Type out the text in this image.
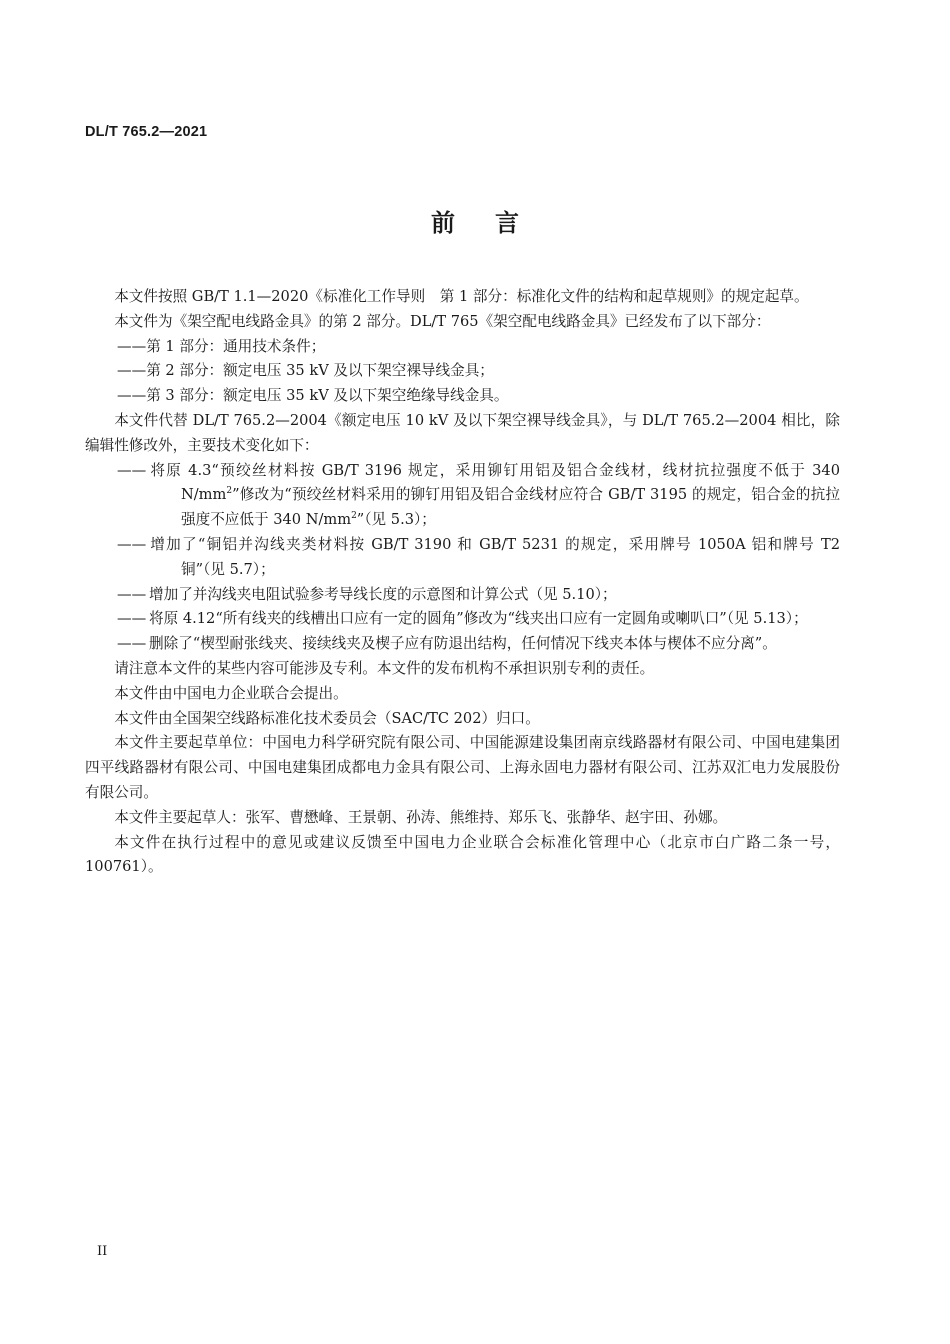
DL/T 765.2—2021
前言

本文件按照 GB/T 1.1—2020《标准化工作导则　第 1 部分：标准化文件的结构和起草规则》的规定起草。

本文件为《架空配电线路金具》的第 2 部分。DL/T 765《架空配电线路金具》已经发布了以下部分：

——第 1 部分：通用技术条件；

——第 2 部分：额定电压 35 kV 及以下架空裸导线金具；

——第 3 部分：额定电压 35 kV 及以下架空绝缘导线金具。

本文件代替 DL/T 765.2—2004《额定电压 10 kV 及以下架空裸导线金具》，与 DL/T 765.2—2004 相比，除编辑性修改外，主要技术变化如下：

—— 将原 4.3“预绞丝材料按 GB/T 3196 规定，采用铆钉用铝及铝合金线材，线材抗拉强度不低于 340 $N/mm^2$”修改为“预绞丝材料采用的铆钉用铝及铝合金线材应符合 GB/T 3195 的规定，铝合金的抗拉强度不应低于 340 $N/mm^2$”（见 5.3）；

—— 增加了“铜铝并沟线夹类材料按 GB/T 3190 和 GB/T 5231 的规定，采用牌号 1050A 铝和牌号 T2 铜”（见 5.7）；

—— 增加了并沟线夹电阻试验参考导线长度的示意图和计算公式（见 5.10）；

—— 将原 4.12“所有线夹的线槽出口应有一定的圆角”修改为“线夹出口应有一定圆角或喇叭口”（见 5.13）；

—— 删除了“楔型耐张线夹、接续线夹及楔子应有防退出结构，任何情况下线夹本体与楔体不应分离”。

请注意本文件的某些内容可能涉及专利。本文件的发布机构不承担识别专利的责任。

本文件由中国电力企业联合会提出。

本文件由全国架空线路标准化技术委员会（SAC/TC 202）归口。

本文件主要起草单位：中国电力科学研究院有限公司、中国能源建设集团南京线路器材有限公司、中国电建集团四平线路器材有限公司、中国电建集团成都电力金具有限公司、上海永固电力器材有限公司、江苏双汇电力发展股份有限公司。

本文件主要起草人：张军、曹懋峰、王景朝、孙涛、熊维持、郑乐飞、张静华、赵宇田、孙娜。

本文件在执行过程中的意见或建议反馈至中国电力企业联合会标准化管理中心（北京市白广路二条一号，100761）。

II
